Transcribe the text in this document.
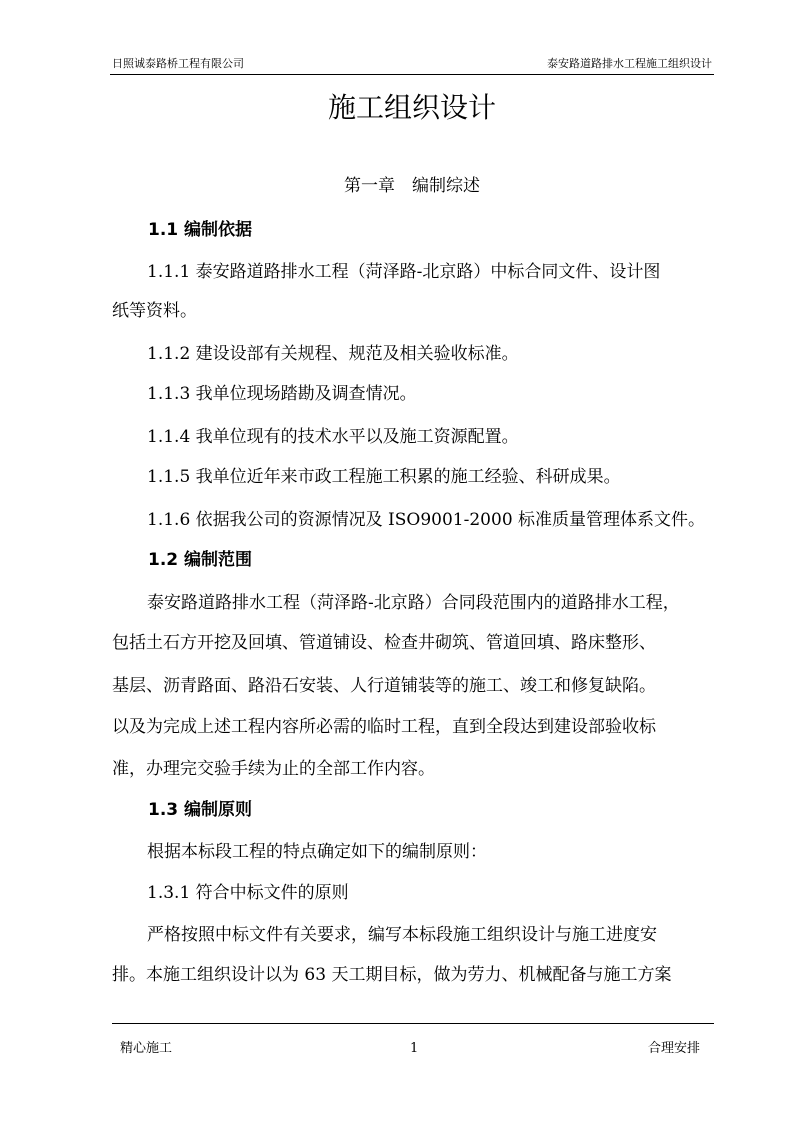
日照诚泰路桥工程有限公司	泰安路道路排水工程施工组织设计
施工组织设计
第一章　编制综述
1.1 编制依据
　1.1.1 泰安路道路排水工程（菏泽路-北京路）中标合同文件、设计图
纸等资料。
　1.1.2 建设设部有关规程、规范及相关验收标准。
　1.1.3 我单位现场踏勘及调查情况。
　1.1.4 我单位现有的技术水平以及施工资源配置。
　1.1.5 我单位近年来市政工程施工积累的施工经验、科研成果。
　1.1.6 依据我公司的资源情况及 ISO9001-2000 标准质量管理体系文件。
1.2 编制范围
　泰安路道路排水工程（菏泽路-北京路）合同段范围内的道路排水工程，
包括土石方开挖及回填、管道铺设、检查井砌筑、管道回填、路床整形、
基层、沥青路面、路沿石安装、人行道铺装等的施工、竣工和修复缺陷。
以及为完成上述工程内容所必需的临时工程，直到全段达到建设部验收标
准，办理完交验手续为止的全部工作内容。
1.3 编制原则
　根据本标段工程的特点确定如下的编制原则：
　1.3.1 符合中标文件的原则
　严格按照中标文件有关要求，编写本标段施工组织设计与施工进度安
排。本施工组织设计以为 63 天工期目标，做为劳力、机械配备与施工方案
精心施工	1	合理安排
